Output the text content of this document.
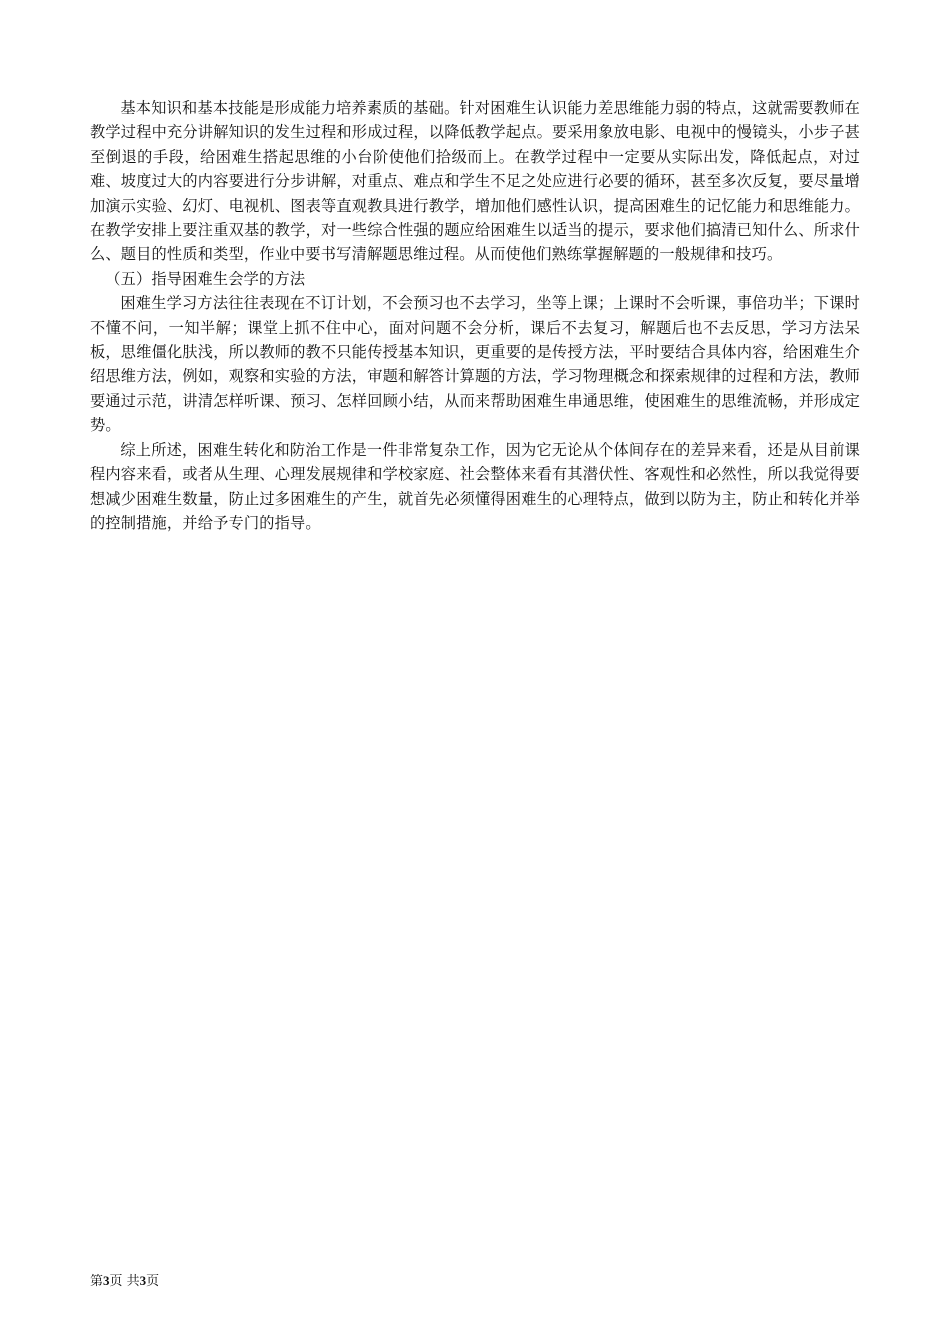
基本知识和基本技能是形成能力培养素质的基础。针对困难生认识能力差思维能力弱的特点，这就需要教师在教学过程中充分讲解知识的发生过程和形成过程，以降低教学起点。要采用象放电影、电视中的慢镜头，小步子甚至倒退的手段，给困难生搭起思维的小台阶使他们拾级而上。在教学过程中一定要从实际出发，降低起点，对过难、坡度过大的内容要进行分步讲解，对重点、难点和学生不足之处应进行必要的循环，甚至多次反复，要尽量增加演示实验、幻灯、电视机、图表等直观教具进行教学，增加他们感性认识，提高困难生的记忆能力和思维能力。在教学安排上要注重双基的教学，对一些综合性强的题应给困难生以适当的提示，要求他们搞清已知什么、所求什么、题目的性质和类型，作业中要书写清解题思维过程。从而使他们熟练掌握解题的一般规律和技巧。

（五）指导困难生会学的方法

困难生学习方法往往表现在不订计划，不会预习也不去学习，坐等上课；上课时不会听课，事倍功半；下课时不懂不问，一知半解；课堂上抓不住中心，面对问题不会分析，课后不去复习，解题后也不去反思，学习方法呆板，思维僵化肤浅，所以教师的教不只能传授基本知识，更重要的是传授方法，平时要结合具体内容，给困难生介绍思维方法，例如，观察和实验的方法，审题和解答计算题的方法，学习物理概念和探索规律的过程和方法，教师要通过示范，讲清怎样听课、预习、怎样回顾小结，从而来帮助困难生串通思维，使困难生的思维流畅，并形成定势。

综上所述，困难生转化和防治工作是一件非常复杂工作，因为它无论从个体间存在的差异来看，还是从目前课程内容来看，或者从生理、心理发展规律和学校家庭、社会整体来看有其潜伏性、客观性和必然性，所以我觉得要想减少困难生数量，防止过多困难生的产生，就首先必须懂得困难生的心理特点，做到以防为主，防止和转化并举的控制措施，并给予专门的指导。

第3页 共3页
